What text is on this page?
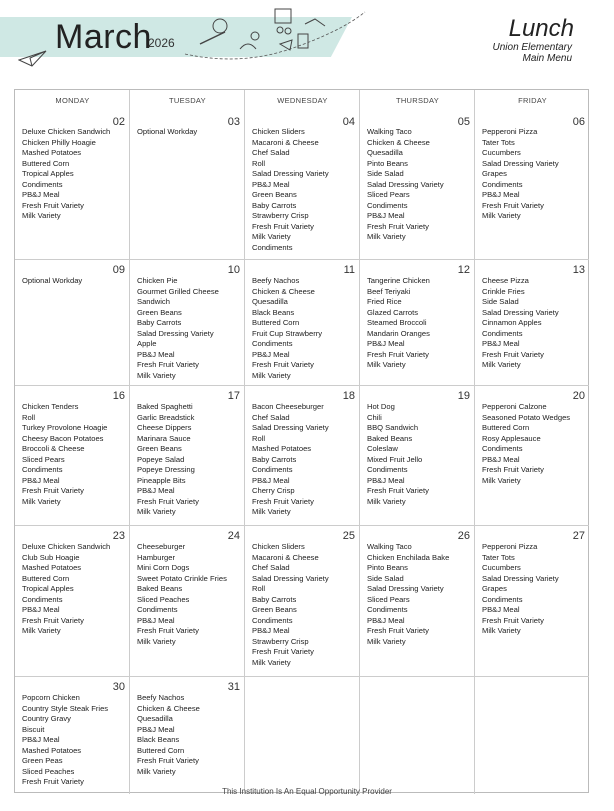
March
2026
Lunch
Union Elementary
Main Menu
MONDAY	TUESDAY	WEDNESDAY	THURSDAY	FRIDAY
02
Deluxe Chicken Sandwich
Chicken Philly Hoagie
Mashed Potatoes
Buttered Corn
Tropical Apples
Condiments
PB&J Meal
Fresh Fruit Variety
Milk Variety
03
Optional Workday
04
Chicken Sliders
Macaroni & Cheese
Chef Salad
Roll
Salad Dressing Variety
PB&J Meal
Green Beans
Baby Carrots
Strawberry Crisp
Fresh Fruit Variety
Milk Variety
Condiments
05
Walking Taco
Chicken & Cheese
Quesadilla
Pinto Beans
Side Salad
Salad Dressing Variety
Sliced Pears
Condiments
PB&J Meal
Fresh Fruit Variety
Milk Variety
06
Pepperoni Pizza
Tater Tots
Cucumbers
Salad Dressing Variety
Grapes
Condiments
PB&J Meal
Fresh Fruit Variety
Milk Variety
09
Optional Workday
10
Chicken Pie
Gourmet Grilled Cheese
Sandwich
Green Beans
Baby Carrots
Salad Dressing Variety
Apple
PB&J Meal
Fresh Fruit Variety
Milk Variety
11
Beefy Nachos
Chicken & Cheese
Quesadilla
Black Beans
Buttered Corn
Fruit Cup Strawberry
Condiments
PB&J Meal
Fresh Fruit Variety
Milk Variety
12
Tangerine Chicken
Beef Teriyaki
Fried Rice
Glazed Carrots
Steamed Broccoli
Mandarin Oranges
PB&J Meal
Fresh Fruit Variety
Milk Variety
13
Cheese Pizza
Crinkle Fries
Side Salad
Salad Dressing Variety
Cinnamon Apples
Condiments
PB&J Meal
Fresh Fruit Variety
Milk Variety
16
Chicken Tenders
Roll
Turkey Provolone Hoagie
Cheesy Bacon Potatoes
Broccoli & Cheese
Sliced Pears
Condiments
PB&J Meal
Fresh Fruit Variety
Milk Variety
17
Baked Spaghetti
Garlic Breadstick
Cheese Dippers
Marinara Sauce
Green Beans
Popeye Salad
Popeye Dressing
Pineapple Bits
PB&J Meal
Fresh Fruit Variety
Milk Variety
18
Bacon Cheeseburger
Chef Salad
Salad Dressing Variety
Roll
Mashed Potatoes
Baby Carrots
Condiments
PB&J Meal
Cherry Crisp
Fresh Fruit Variety
Milk Variety
19
Hot Dog
Chili
BBQ Sandwich
Baked Beans
Coleslaw
Mixed Fruit Jello
Condiments
PB&J Meal
Fresh Fruit Variety
Milk Variety
20
Pepperoni Calzone
Seasoned Potato Wedges
Buttered Corn
Rosy Applesauce
Condiments
PB&J Meal
Fresh Fruit Variety
Milk Variety
23
Deluxe Chicken Sandwich
Club Sub Hoagie
Mashed Potatoes
Buttered Corn
Tropical Apples
Condiments
PB&J Meal
Fresh Fruit Variety
Milk Variety
24
Cheeseburger
Hamburger
Mini Corn Dogs
Sweet Potato Crinkle Fries
Baked Beans
Sliced Peaches
Condiments
PB&J Meal
Fresh Fruit Variety
Milk Variety
25
Chicken Sliders
Macaroni & Cheese
Chef Salad
Salad Dressing Variety
Roll
Baby Carrots
Green Beans
Condiments
PB&J Meal
Strawberry Crisp
Fresh Fruit Variety
Milk Variety
26
Walking Taco
Chicken Enchilada Bake
Pinto Beans
Side Salad
Salad Dressing Variety
Sliced Pears
Condiments
PB&J Meal
Fresh Fruit Variety
Milk Variety
27
Pepperoni Pizza
Tater Tots
Cucumbers
Salad Dressing Variety
Grapes
Condiments
PB&J Meal
Fresh Fruit Variety
Milk Variety
30
Popcorn Chicken
Country Style Steak Fries
Country Gravy
Biscuit
PB&J Meal
Mashed Potatoes
Green Peas
Sliced Peaches
Fresh Fruit Variety
31
Beefy Nachos
Chicken & Cheese
Quesadilla
PB&J Meal
Black Beans
Buttered Corn
Fresh Fruit Variety
Milk Variety
This Institution Is An Equal Opportunity Provider
